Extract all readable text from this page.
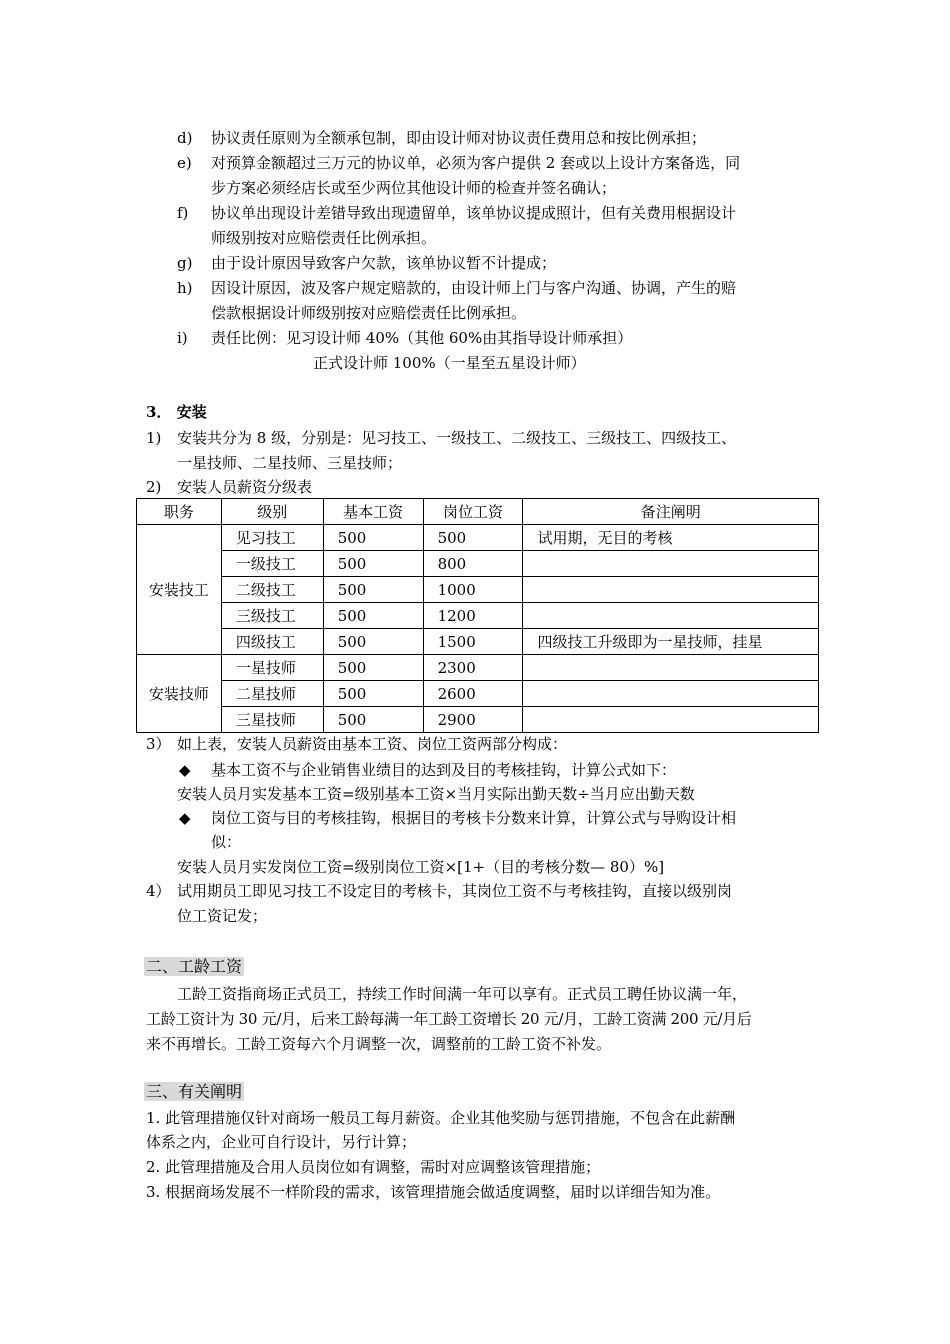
d) 协议责任原则为全额承包制，即由设计师对协议责任费用总和按比例承担；
e) 对预算金额超过三万元的协议单，必须为客户提供 2 套或以上设计方案备选，同
步方案必须经店长或至少两位其他设计师的检查并签名确认；
f) 协议单出现设计差错导致出现遗留单，该单协议提成照计，但有关费用根据设计
师级别按对应赔偿责任比例承担。
g) 由于设计原因导致客户欠款，该单协议暂不计提成；
h) 因设计原因，波及客户规定赔款的，由设计师上门与客户沟通、协调，产生的赔
偿款根据设计师级别按对应赔偿责任比例承担。
i) 责任比例：见习设计师 40%（其他 60%由其指导设计师承担）
正式设计师 100%（一星至五星设计师）
3． 安装
1) 安装共分为 8 级，分别是：见习技工、一级技工、二级技工、三级技工、四级技工、
一星技师、二星技师、三星技师；
2) 安装人员薪资分级表
职务	级别	基本工资	岗位工资	备注阐明
安装技工	见习技工	500	500	试用期，无目的考核
	一级技工	500	800	
	二级技工	500	1000	
	三级技工	500	1200	
	四级技工	500	1500	四级技工升级即为一星技师，挂星
安装技师	一星技师	500	2300	
	二星技师	500	2600	
	三星技师	500	2900	
3） 如上表，安装人员薪资由基本工资、岗位工资两部分构成：
◆ 基本工资不与企业销售业绩目的达到及目的考核挂钩，计算公式如下：
安装人员月实发基本工资=级别基本工资×当月实际出勤天数÷当月应出勤天数
◆ 岗位工资与目的考核挂钩，根据目的考核卡分数来计算，计算公式与导购设计相
似：
安装人员月实发岗位工资=级别岗位工资×[1+（目的考核分数— 80）%]
4） 试用期员工即见习技工不设定目的考核卡，其岗位工资不与考核挂钩，直接以级别岗
位工资记发；
二、工龄工资
工龄工资指商场正式员工，持续工作时间满一年可以享有。正式员工聘任协议满一年，
工龄工资计为 30 元/月，后来工龄每满一年工龄工资增长 20 元/月，工龄工资满 200 元/月后
来不再增长。工龄工资每六个月调整一次，调整前的工龄工资不补发。
三、有关阐明
1. 此管理措施仅针对商场一般员工每月薪资。企业其他奖励与惩罚措施，不包含在此薪酬
体系之内，企业可自行设计，另行计算；
2. 此管理措施及合用人员岗位如有调整，需时对应调整该管理措施；
3. 根据商场发展不一样阶段的需求，该管理措施会做适度调整，届时以详细告知为准。
